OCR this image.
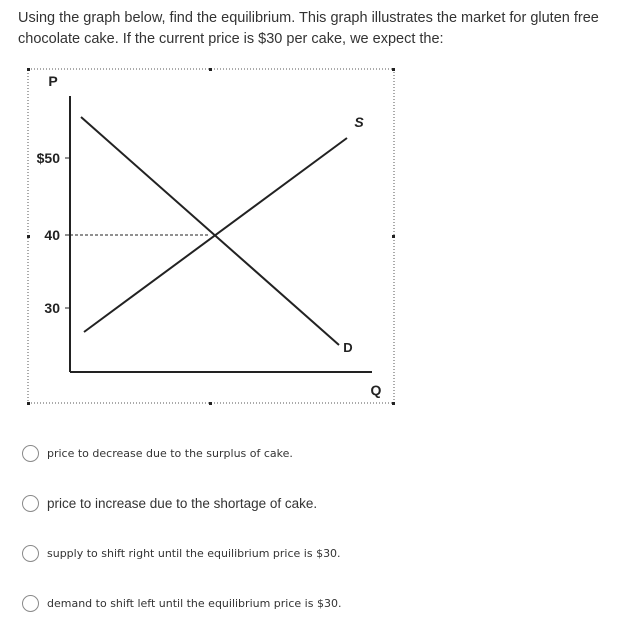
Using the graph below, find the equilibrium. This graph illustrates the market for gluten free chocolate cake. If the current price is $30 per cake, we expect the:
P
Q
$50
40
30
S
D
price to decrease due to the surplus of cake.
price to increase due to the shortage of cake.
supply to shift right until the equilibrium price is $30.
demand to shift left until the equilibrium price is $30.
